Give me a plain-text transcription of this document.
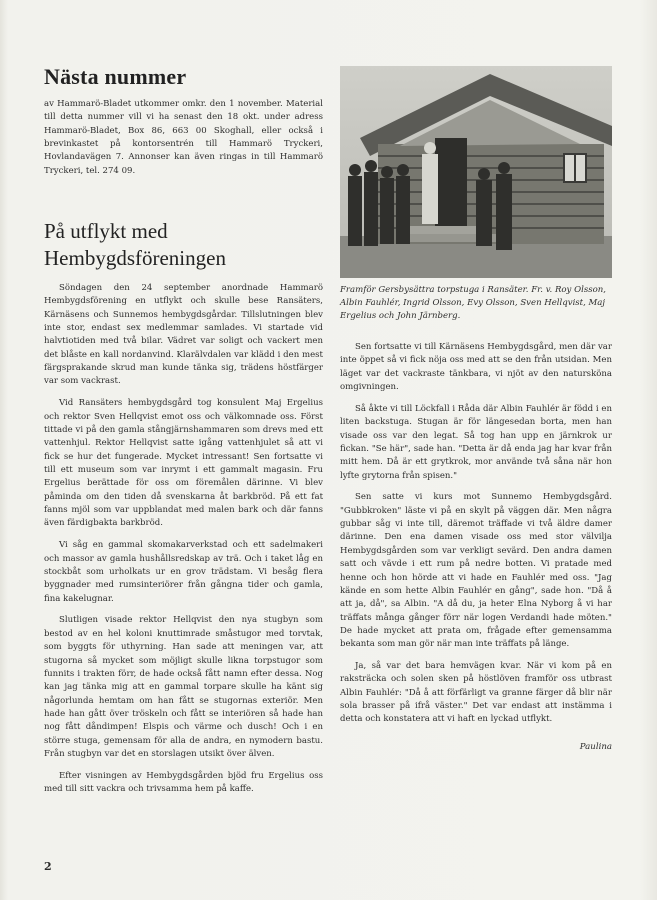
Nästa nummer

av Hammarö-Bladet utkommer omkr. den 1 november. Material till detta nummer vill vi ha senast den 18 okt. under adress Hammarö-Bladet, Box 86, 663 00 Skoghall, eller också i brevinkastet på kontorsentrén till Hammarö Tryckeri, Hovlandavägen 7. Annonser kan även ringas in till Hammarö Tryckeri, tel. 274 09.

På utflykt med
Hembygdsföreningen

Söndagen den 24 september anordnade Hammarö Hembygdsförening en utflykt och skulle bese Ransäters, Kärnäsens och Sunnemos hembygdsgårdar. Tillslutningen blev inte stor, endast sex medlemmar samlades. Vi startade vid halvtiotiden med två bilar. Vädret var soligt och vackert men det blåste en kall nordanvind. Klarälvdalen var klädd i den mest färgsprakande skrud man kunde tänka sig, trädens höstfärger var som vackrast.

Vid Ransäters hembygdsgård tog konsulent Maj Ergelius och rektor Sven Hellqvist emot oss och välkomnade oss. Först tittade vi på den gamla stångjärnshammaren som drevs med ett vattenhjul. Rektor Hellqvist satte igång vattenhjulet så att vi fick se hur det fungerade. Mycket intressant! Sen fortsatte vi till ett museum som var inrymt i ett gammalt magasin. Fru Ergelius berättade för oss om föremålen därinne. Vi blev påminda om den tiden då svenskarna åt barkbröd. På ett fat fanns mjöl som var uppblandat med malen bark och där fanns även färdigbakta barkbröd.

Vi såg en gammal skomakarverkstad och ett sadelmakeri och massor av gamla hushållsredskap av trä. Och i taket låg en stockbåt som urholkats ur en grov trädstam. Vi besåg flera byggnader med rumsinteriörer från gångna tider och gamla, fina kakelugnar.

Slutligen visade rektor Hellqvist den nya stugbyn som bestod av en hel koloni knuttimrade småstugor med torvtak, som byggts för uthyrning. Han sade att meningen var, att stugorna så mycket som möjligt skulle likna torpstugor som funnits i trakten förr, de hade också fått namn efter dessa. Nog kan jag tänka mig att en gammal torpare skulle ha känt sig någorlunda hemtam om han fått se stugornas exteriör. Men hade han gått över tröskeln och fått se interiören så hade han nog fått dåndimpen! Elspis och värme och dusch! Och i en större stuga, gemensam för alla de andra, en nymodern bastu. Från stugbyn var det en storslagen utsikt över älven.

Efter visningen av Hembygdsgården bjöd fru Ergelius oss med till sitt vackra och trivsamma hem på kaffe.

Framför Gersbysättra torpstuga i Ransäter. Fr. v. Roy Olsson, Albin Fauhlér, Ingrid Olsson, Evy Olsson, Sven Hellqvist, Maj Ergelius och John Järnberg.

Sen fortsatte vi till Kärnäsens Hembygdsgård, men där var inte öppet så vi fick nöja oss med att se den från utsidan. Men läget var det vackraste tänkbara, vi njöt av den natursköna omgivningen.

Så åkte vi till Löckfall i Råda där Albin Fauhlér är född i en liten backstuga. Stugan är för längesedan borta, men han visade oss var den legat. Så tog han upp en järnkrok ur fickan. "Se här", sade han. "Detta är då enda jag har kvar från mitt hem. Då är ett grytkrok, mor använde två såna när hon lyfte grytorna från spisen."

Sen satte vi kurs mot Sunnemo Hembygdsgård. "Gubbkroken" läste vi på en skylt på väggen där. Men några gubbar såg vi inte till, däremot träffade vi två äldre damer därinne. Den ena damen visade oss med stor välvilja Hembygdsgården som var verkligt sevärd. Den andra damen satt och vävde i ett rum på nedre botten. Vi pratade med henne och hon hörde att vi hade en Fauhlér med oss. "Jag kände en som hette Albin Fauhlér en gång", sade hon. "Då å att ja, då", sa Albin. "A då du, ja heter Elna Nyborg å vi har träffats många gånger förr när logen Verdandi hade möten." De hade mycket att prata om, frågade efter gemensamma bekanta som man gör när man inte träffats på länge.

Ja, så var det bara hemvägen kvar. När vi kom på en raksträcka och solen sken på höstlöven framför oss utbrast Albin Fauhlér: "Då å att förfärligt va granne färger då blir när sola brasser på ifrå väster." Det var endast att instämma i detta och konstatera att vi haft en lyckad utflykt.

Paulina

2
